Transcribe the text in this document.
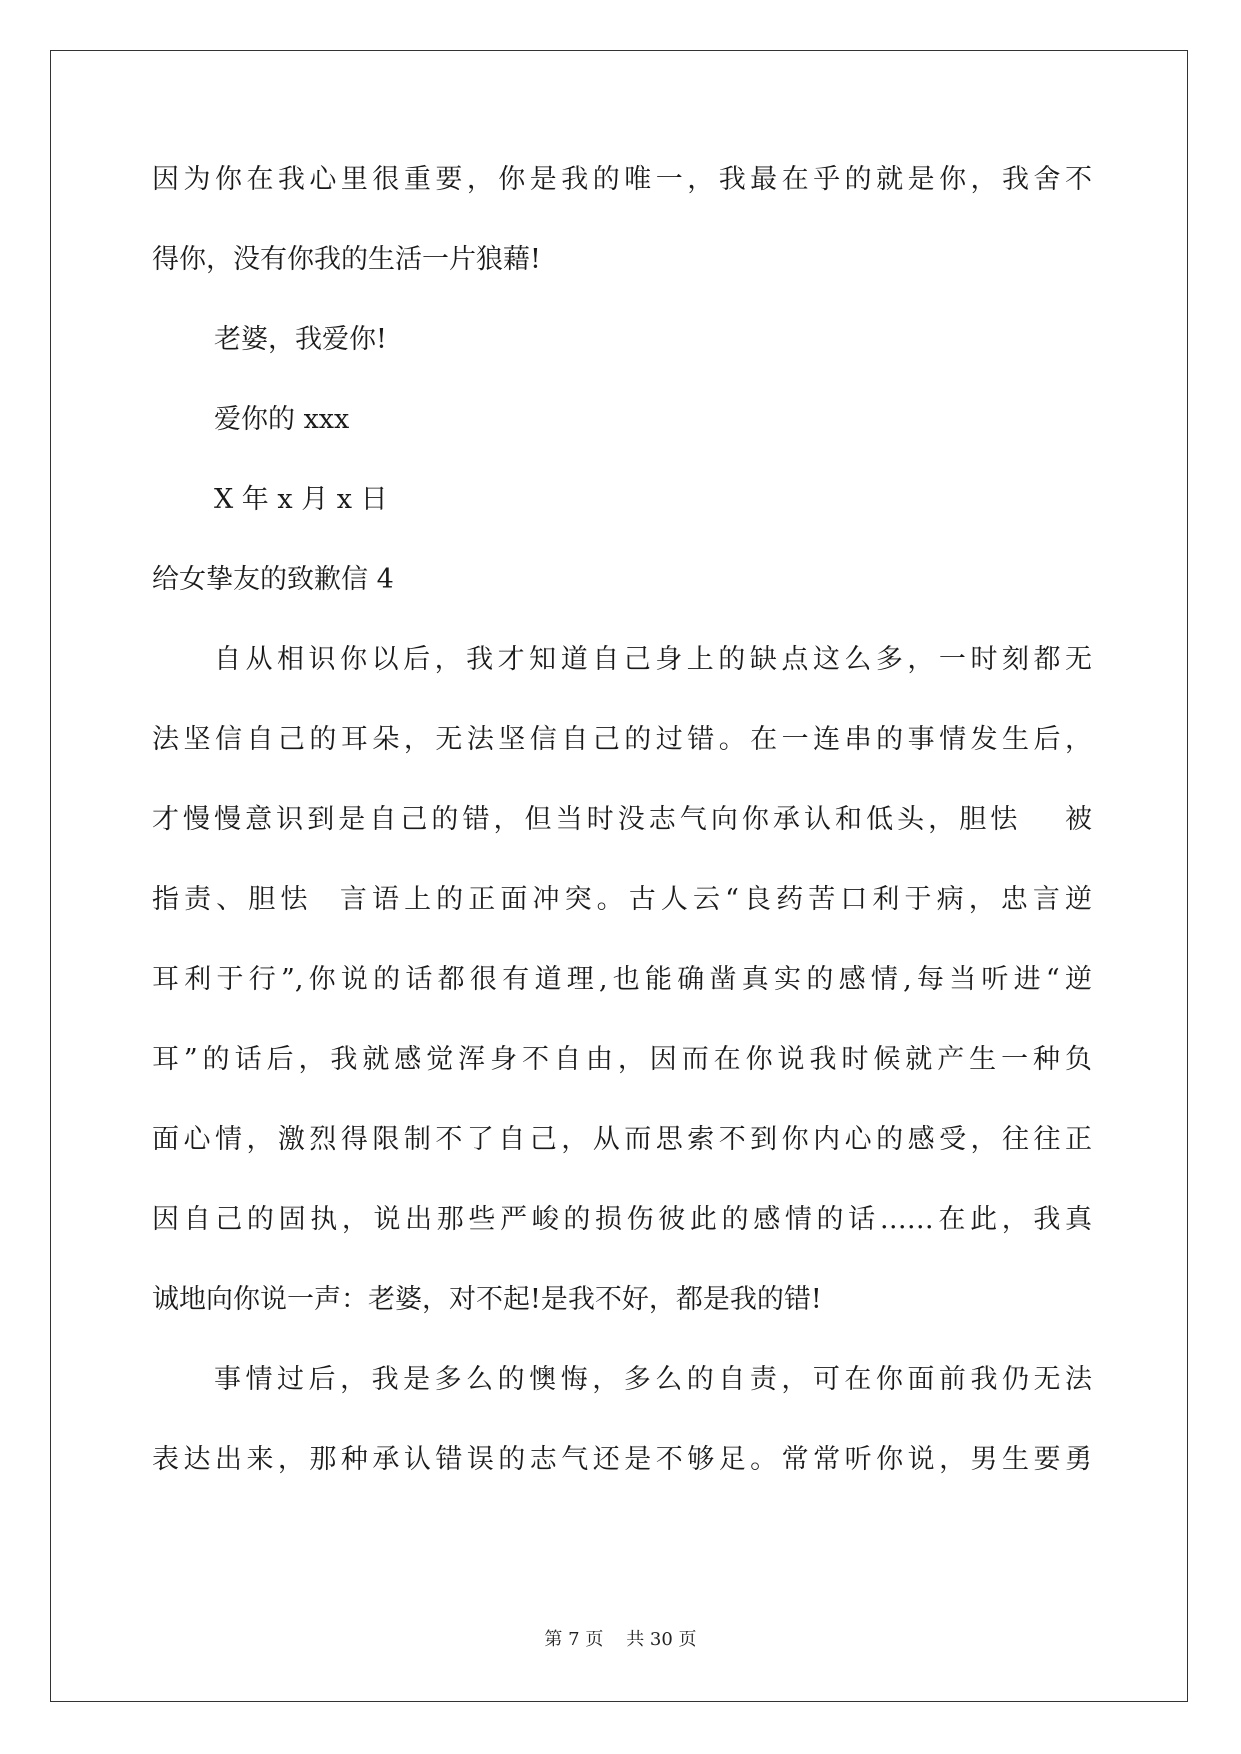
因为你在我心里很重要，你是我的唯一，我最在乎的就是你，我舍不
得你，没有你我的生活一片狼藉!
老婆，我爱你!
爱你的 xxx
X 年 x 月 x 日
给女挚友的致歉信 4
自从相识你以后，我才知道自己身上的缺点这么多，一时刻都无
法坚信自己的耳朵，无法坚信自己的过错。在一连串的事情发生后，
才慢慢意识到是自己的错，但当时没志气向你承认和低头，胆怯　 被
指责、胆怯  言语上的正面冲突。古人云“良药苦口利于病，忠言逆
耳利于行”,你说的话都很有道理,也能确凿真实的感情,每当听进“逆
耳”的话后，我就感觉浑身不自由，因而在你说我时候就产生一种负
面心情，激烈得限制不了自己，从而思索不到你内心的感受，往往正
因自己的固执，说出那些严峻的损伤彼此的感情的话……在此，我真
诚地向你说一声：老婆，对不起!是我不好，都是我的错!
事情过后，我是多么的懊悔，多么的自责，可在你面前我仍无法
表达出来，那种承认错误的志气还是不够足。常常听你说，男生要勇
第 7 页    共 30 页
